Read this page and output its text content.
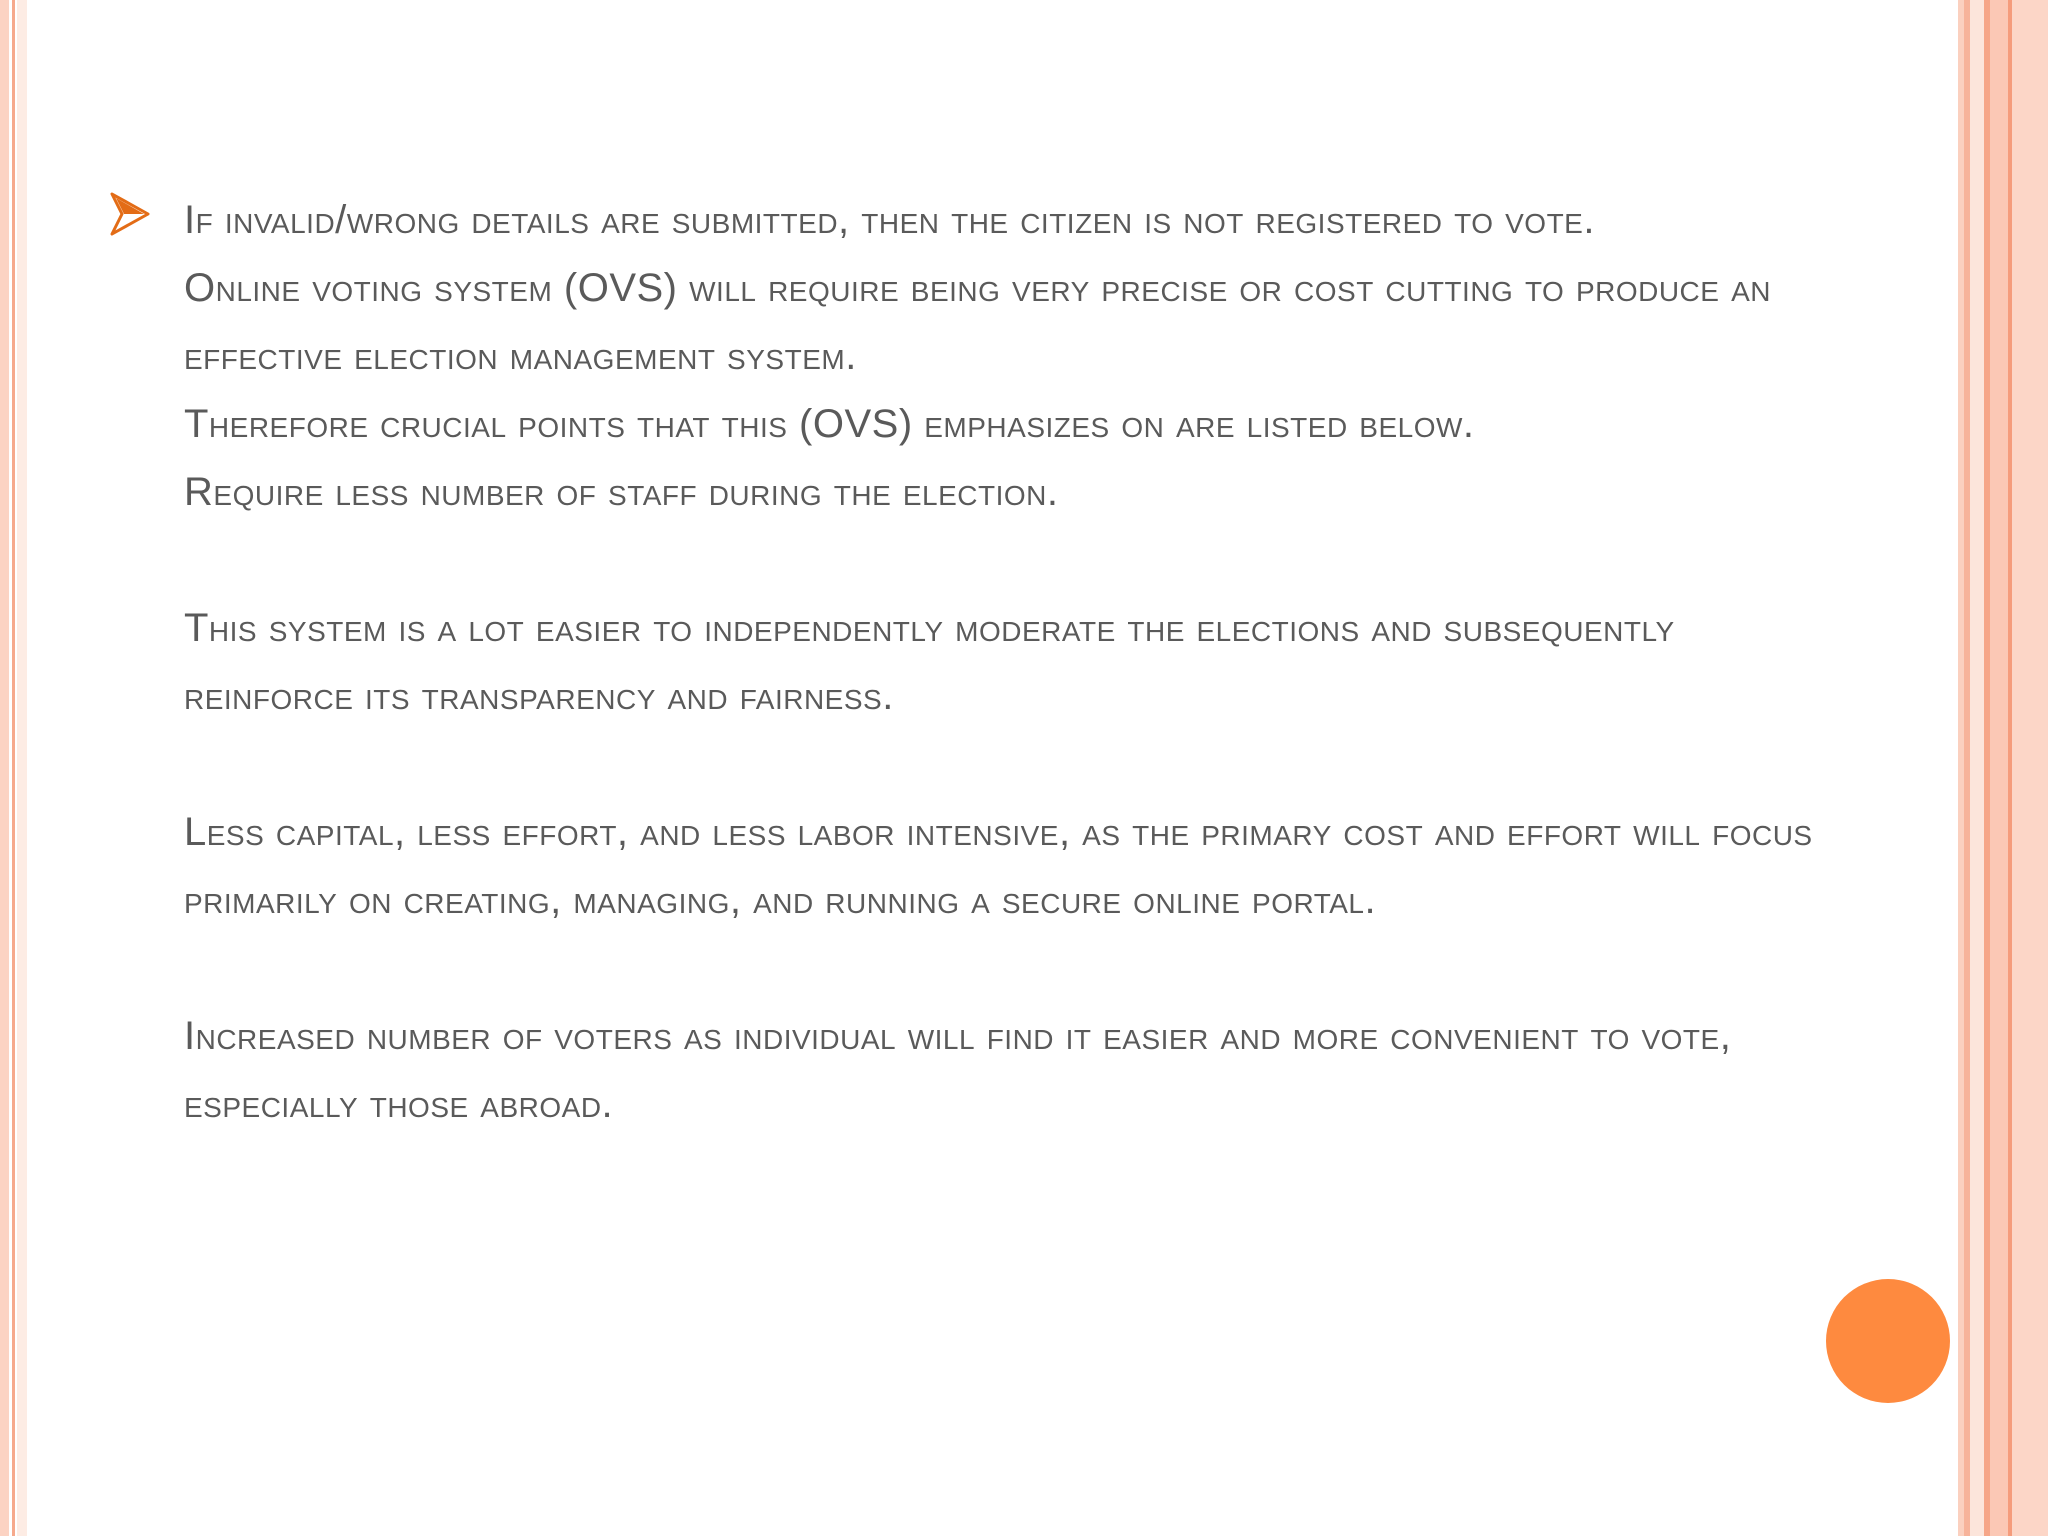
If invalid/wrong details are submitted, then the citizen is not registered to vote.

Online voting system (OVS) will require being very precise or cost cutting to produce an effective election management system.

Therefore crucial points that this (OVS) emphasizes on are listed below.

Require less number of staff during the election.

This system is a lot easier to independently moderate the elections and subsequently reinforce its transparency and fairness.

Less capital, less effort, and less labor intensive, as the primary cost and effort will focus primarily on creating, managing, and running a secure online portal.

Increased number of voters as individual will find it easier and more convenient to vote, especially those abroad.
